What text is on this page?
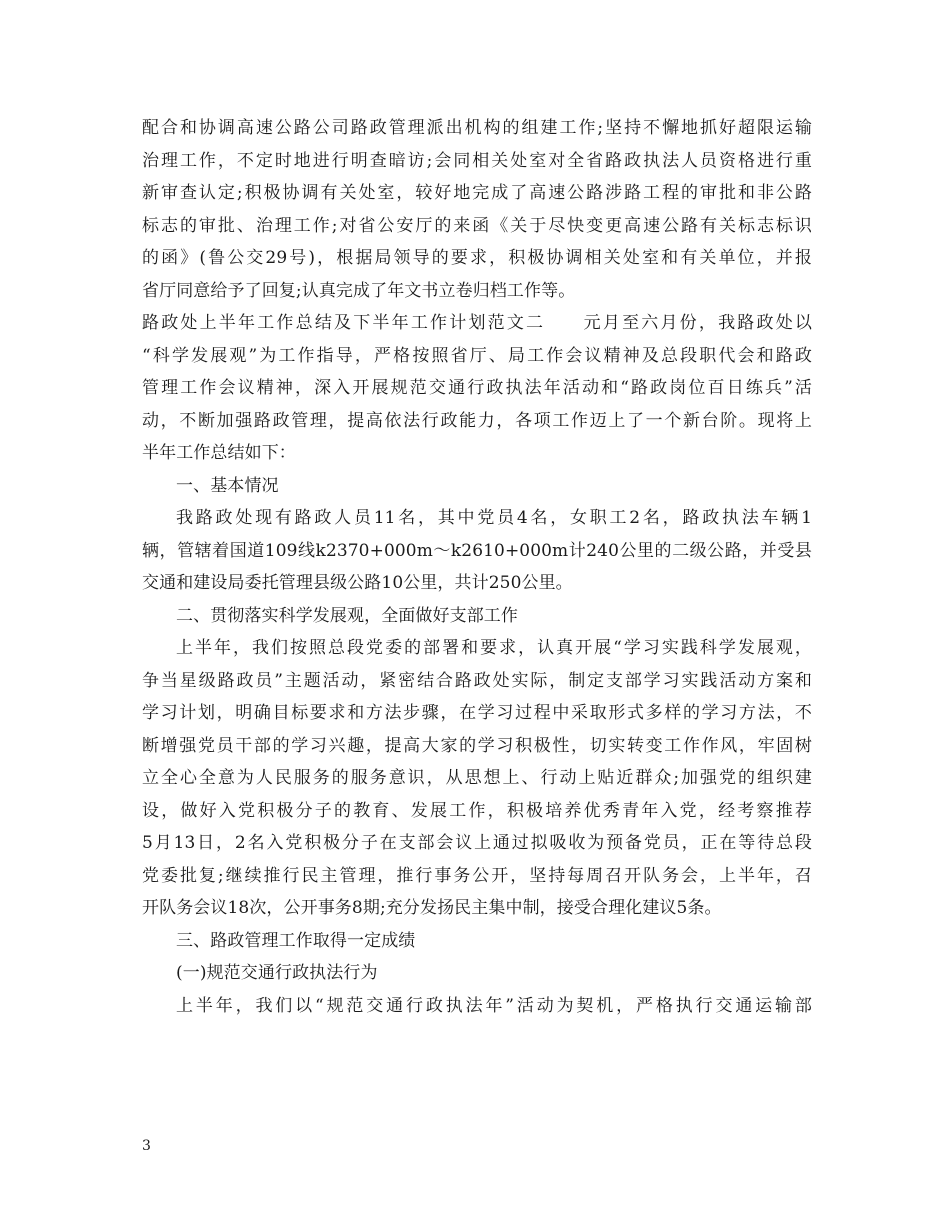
配合和协调高速公路公司路政管理派出机构的组建工作;坚持不懈地抓好超限运输
治理工作，不定时地进行明查暗访;会同相关处室对全省路政执法人员资格进行重
新审查认定;积极协调有关处室，较好地完成了高速公路涉路工程的审批和非公路
标志的审批、治理工作;对省公安厅的来函《关于尽快变更高速公路有关标志标识
的函》(鲁公交29号)，根据局领导的要求，积极协调相关处室和有关单位，并报
省厅同意给予了回复;认真完成了年文书立卷归档工作等。
路政处上半年工作总结及下半年工作计划范文二　　元月至六月份，我路政处以
“科学发展观”为工作指导，严格按照省厅、局工作会议精神及总段职代会和路政
管理工作会议精神，深入开展规范交通行政执法年活动和“路政岗位百日练兵”活
动，不断加强路政管理，提高依法行政能力，各项工作迈上了一个新台阶。现将上
半年工作总结如下：
一、基本情况
我路政处现有路政人员11名，其中党员4名，女职工2名，路政执法车辆1
辆，管辖着国道109线k2370+000m～k2610+000m计240公里的二级公路，并受县
交通和建设局委托管理县级公路10公里，共计250公里。
二、贯彻落实科学发展观，全面做好支部工作
上半年，我们按照总段党委的部署和要求，认真开展“学习实践科学发展观，
争当星级路政员”主题活动，紧密结合路政处实际，制定支部学习实践活动方案和
学习计划，明确目标要求和方法步骤，在学习过程中采取形式多样的学习方法，不
断增强党员干部的学习兴趣，提高大家的学习积极性，切实转变工作作风，牢固树
立全心全意为人民服务的服务意识，从思想上、行动上贴近群众;加强党的组织建
设，做好入党积极分子的教育、发展工作，积极培养优秀青年入党，经考察推荐
5月13日，2名入党积极分子在支部会议上通过拟吸收为预备党员，正在等待总段
党委批复;继续推行民主管理，推行事务公开，坚持每周召开队务会，上半年，召
开队务会议18次，公开事务8期;充分发扬民主集中制，接受合理化建议5条。
三、路政管理工作取得一定成绩
(一)规范交通行政执法行为
上半年，我们以“规范交通行政执法年”活动为契机，严格执行交通运输部
3
